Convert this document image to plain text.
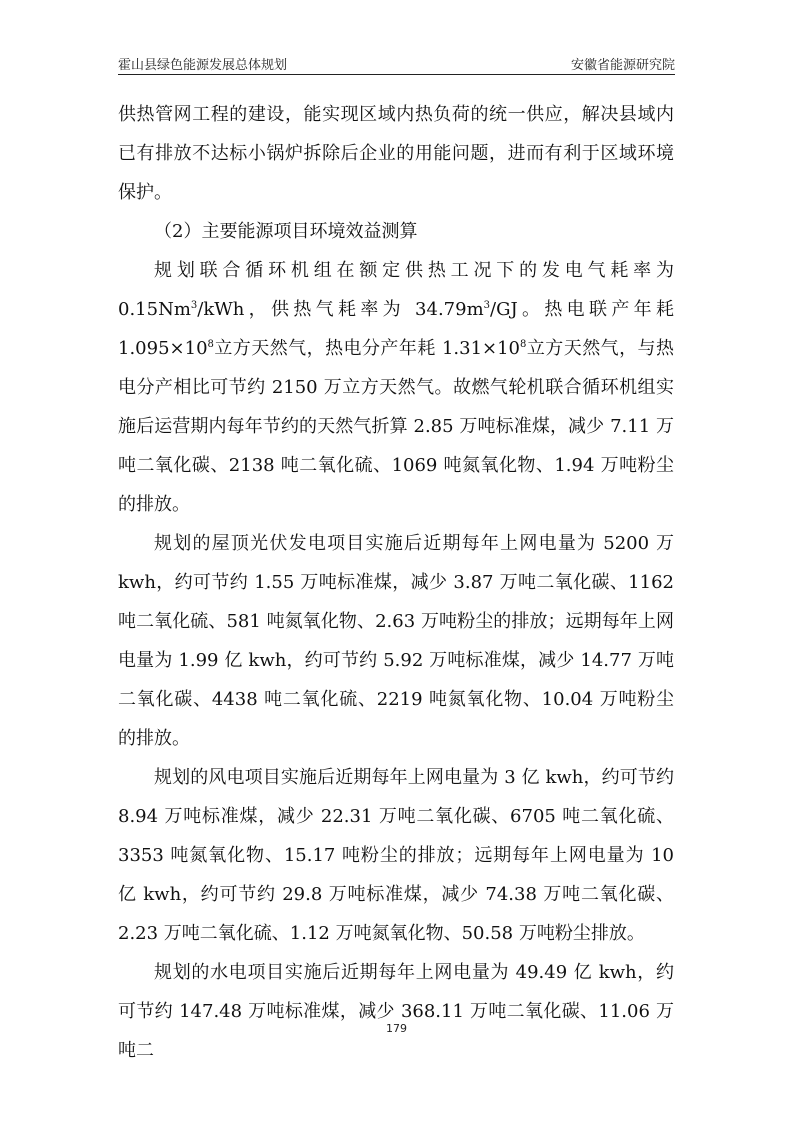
霍山县绿色能源发展总体规划	安徽省能源研究院

供热管网工程的建设，能实现区域内热负荷的统一供应，解决县域内已有排放不达标小锅炉拆除后企业的用能问题，进而有利于区域环境保护。

（2）主要能源项目环境效益测算

规划联合循环机组在额定供热工况下的发电气耗率为0.15Nm$^3$/kWh，供热气耗率为 $34.79m^3/GJ$。热电联产年耗 $1.095\times 10^8$立方天然气，热电分产年耗 $1.31\times 10^8$立方天然气，与热电分产相比可节约 2150 万立方天然气。故燃气轮机联合循环机组实施后运营期内每年节约的天然气折算 2.85 万吨标准煤，减少 7.11 万吨二氧化碳、2138 吨二氧化硫、1069 吨氮氧化物、1.94 万吨粉尘的排放。

规划的屋顶光伏发电项目实施后近期每年上网电量为 5200 万 kwh，约可节约 1.55 万吨标准煤，减少 3.87 万吨二氧化碳、1162 吨二氧化硫、581 吨氮氧化物、2.63 万吨粉尘的排放；远期每年上网电量为 1.99 亿 kwh，约可节约 5.92 万吨标准煤，减少 14.77 万吨二氧化碳、4438 吨二氧化硫、2219 吨氮氧化物、10.04 万吨粉尘的排放。

规划的风电项目实施后近期每年上网电量为 3 亿 kwh，约可节约 8.94 万吨标准煤，减少 22.31 万吨二氧化碳、6705 吨二氧化硫、3353 吨氮氧化物、15.17 吨粉尘的排放；远期每年上网电量为 10 亿 kwh，约可节约 29.8 万吨标准煤，减少 74.38 万吨二氧化碳、2.23 万吨二氧化硫、1.12 万吨氮氧化物、50.58 万吨粉尘排放。

规划的水电项目实施后近期每年上网电量为 49.49 亿 kwh，约可节约 147.48 万吨标准煤，减少 368.11 万吨二氧化碳、11.06 万吨二

179
